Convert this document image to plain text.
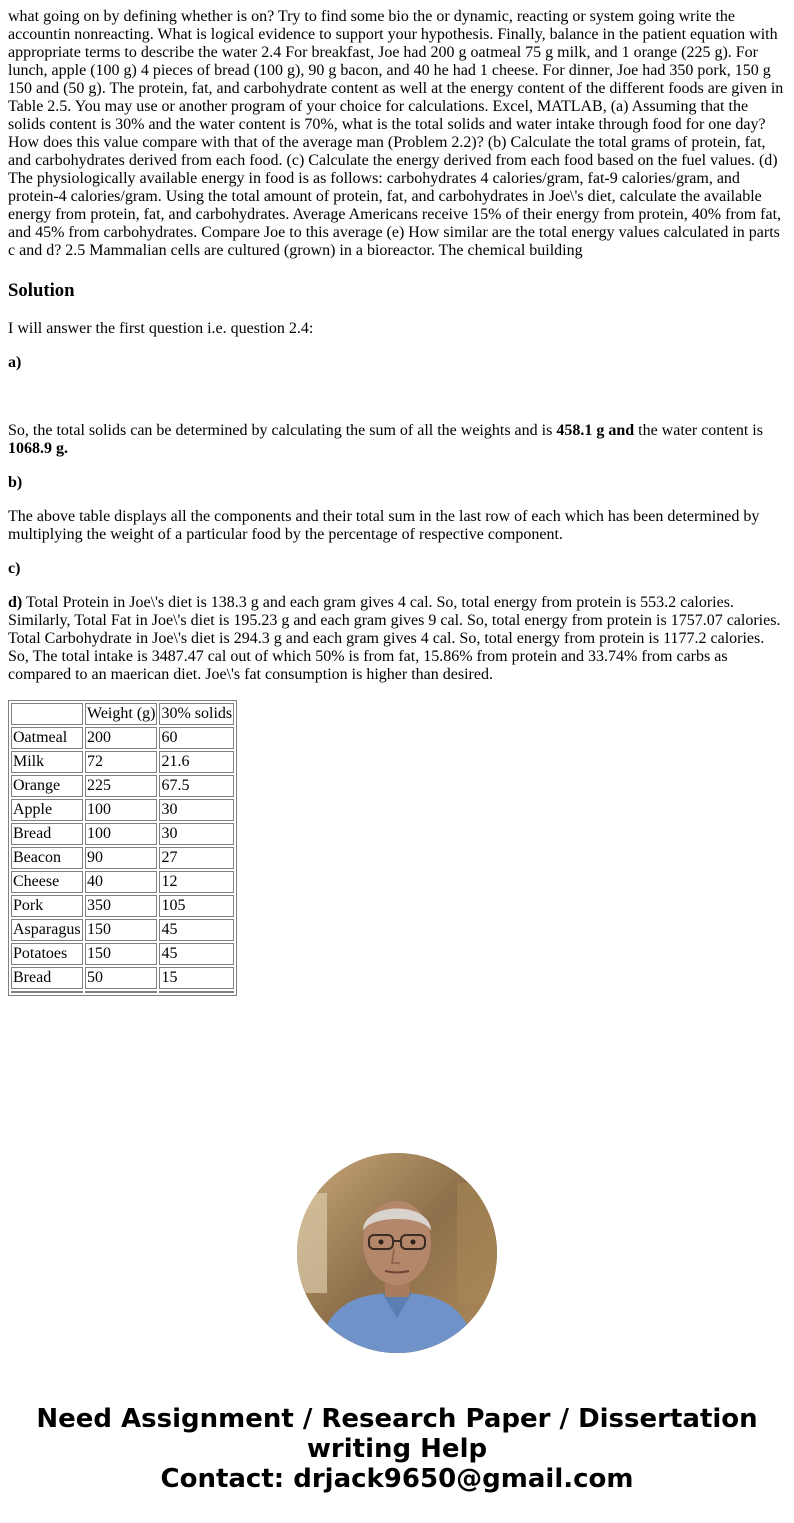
what going on by defining whether is on? Try to find some bio the or dynamic, reacting or system going write the accountin nonreacting. What is logical evidence to support your hypothesis. Finally, balance in the patient equation with appropriate terms to describe the water 2.4 For breakfast, Joe had 200 g oatmeal 75 g milk, and 1 orange (225 g). For lunch, apple (100 g) 4 pieces of bread (100 g), 90 g bacon, and 40 he had 1 cheese. For dinner, Joe had 350 pork, 150 g 150 and (50 g). The protein, fat, and carbohydrate content as well at the energy content of the different foods are given in Table 2.5. You may use or another program of your choice for calculations. Excel, MATLAB, (a) Assuming that the solids content is 30% and the water content is 70%, what is the total solids and water intake through food for one day? How does this value compare with that of the average man (Problem 2.2)? (b) Calculate the total grams of protein, fat, and carbohydrates derived from each food. (c) Calculate the energy derived from each food based on the fuel values. (d) The physiologically available energy in food is as follows: carbohydrates 4 calories/gram, fat-9 calories/gram, and protein-4 calories/gram. Using the total amount of protein, fat, and carbohydrates in Joe\'s diet, calculate the available energy from protein, fat, and carbohydrates. Average Americans receive 15% of their energy from protein, 40% from fat, and 45% from carbohydrates. Compare Joe to this average (e) How similar are the total energy values calculated in parts c and d? 2.5 Mammalian cells are cultured (grown) in a bioreactor. The chemical building

Solution

I will answer the first question i.e. question 2.4:

a)

So, the total solids can be determined by calculating the sum of all the weights and is 458.1 g and the water content is 1068.9 g.

b)

The above table displays all the components and their total sum in the last row of each which has been determined by multiplying the weight of a particular food by the percentage of respective component.

c)

d) Total Protein in Joe\'s diet is 138.3 g and each gram gives 4 cal. So, total energy from protein is 553.2 calories. Similarly, Total Fat in Joe\'s diet is 195.23 g and each gram gives 9 cal. So, total energy from protein is 1757.07 calories. Total Carbohydrate in Joe\'s diet is 294.3 g and each gram gives 4 cal. So, total energy from protein is 1177.2 calories. So, The total intake is 3487.47 cal out of which 50% is from fat, 15.86% from protein and 33.74% from carbs as compared to an maerican diet. Joe\'s fat consumption is higher than desired.

	Weight (g)	30% solids
Oatmeal	200	60
Milk	72	21.6
Orange	225	67.5
Apple	100	30
Bread	100	30
Beacon	90	27
Cheese	40	12
Pork	350	105
Asparagus	150	45
Potatoes	150	45
Bread	50	15

Need Assignment / Research Paper / Dissertation
writing Help
Contact: drjack9650@gmail.com
